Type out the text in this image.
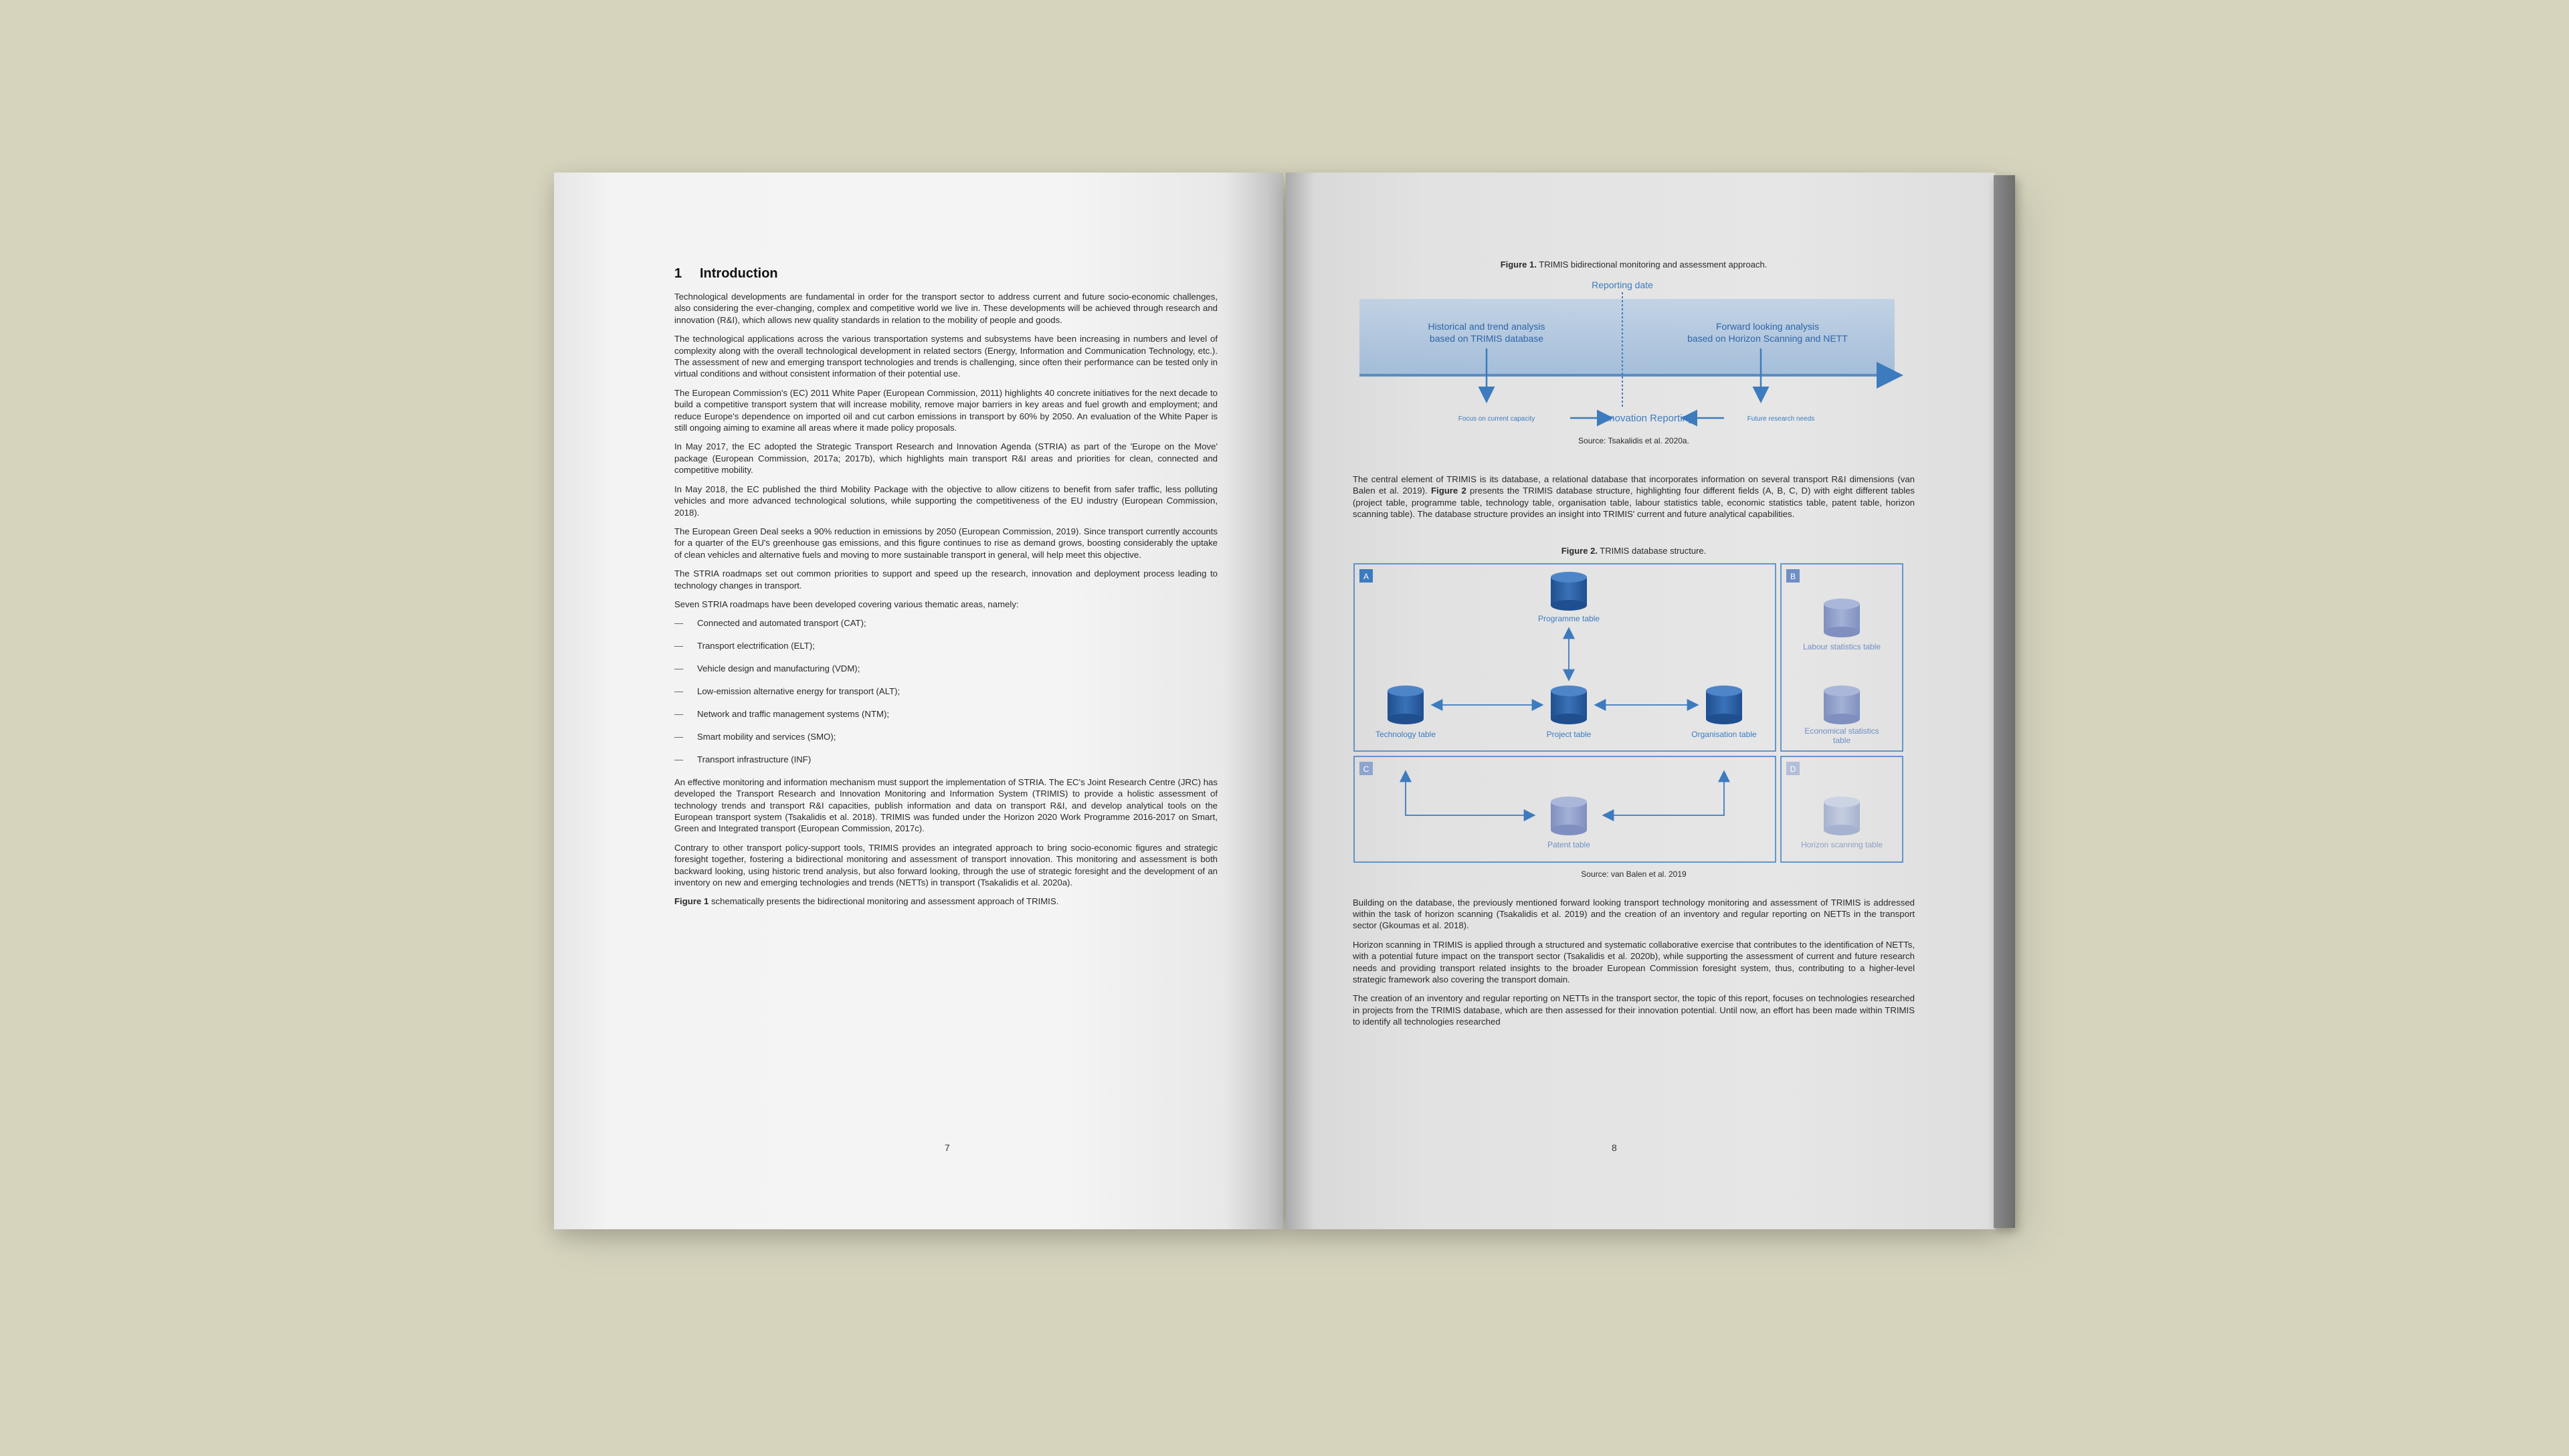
1 Introduction

Technological developments are fundamental in order for the transport sector to address current and future socio-economic challenges, also considering the ever-changing, complex and competitive world we live in. These developments will be achieved through research and innovation (R&I), which allows new quality standards in relation to the mobility of people and goods.

The technological applications across the various transportation systems and subsystems have been increasing in numbers and level of complexity along with the overall technological development in related sectors (Energy, Information and Communication Technology, etc.). The assessment of new and emerging transport technologies and trends is challenging, since often their performance can be tested only in virtual conditions and without consistent information of their potential use.

The European Commission's (EC) 2011 White Paper (European Commission, 2011) highlights 40 concrete initiatives for the next decade to build a competitive transport system that will increase mobility, remove major barriers in key areas and fuel growth and employment; and reduce Europe's dependence on imported oil and cut carbon emissions in transport by 60% by 2050. An evaluation of the White Paper is still ongoing aiming to examine all areas where it made policy proposals.

In May 2017, the EC adopted the Strategic Transport Research and Innovation Agenda (STRIA) as part of the 'Europe on the Move' package (European Commission, 2017a; 2017b), which highlights main transport R&I areas and priorities for clean, connected and competitive mobility.

In May 2018, the EC published the third Mobility Package with the objective to allow citizens to benefit from safer traffic, less polluting vehicles and more advanced technological solutions, while supporting the competitiveness of the EU industry (European Commission, 2018).

The European Green Deal seeks a 90% reduction in emissions by 2050 (European Commission, 2019). Since transport currently accounts for a quarter of the EU's greenhouse gas emissions, and this figure continues to rise as demand grows, boosting considerably the uptake of clean vehicles and alternative fuels and moving to more sustainable transport in general, will help meet this objective.

The STRIA roadmaps set out common priorities to support and speed up the research, innovation and deployment process leading to technology changes in transport.

Seven STRIA roadmaps have been developed covering various thematic areas, namely:

— Connected and automated transport (CAT);
— Transport electrification (ELT);
— Vehicle design and manufacturing (VDM);
— Low-emission alternative energy for transport (ALT);
— Network and traffic management systems (NTM);
— Smart mobility and services (SMO);
— Transport infrastructure (INF)

An effective monitoring and information mechanism must support the implementation of STRIA. The EC's Joint Research Centre (JRC) has developed the Transport Research and Innovation Monitoring and Information System (TRIMIS) to provide a holistic assessment of technology trends and transport R&I capacities, publish information and data on transport R&I, and develop analytical tools on the European transport system (Tsakalidis et al. 2018). TRIMIS was funded under the Horizon 2020 Work Programme 2016-2017 on Smart, Green and Integrated transport (European Commission, 2017c).

Contrary to other transport policy-support tools, TRIMIS provides an integrated approach to bring socio-economic figures and strategic foresight together, fostering a bidirectional monitoring and assessment of transport innovation. This monitoring and assessment is both backward looking, using historic trend analysis, but also forward looking, through the use of strategic foresight and the development of an inventory on new and emerging technologies and trends (NETTs) in transport (Tsakalidis et al. 2020a).

Figure 1 schematically presents the bidirectional monitoring and assessment approach of TRIMIS.

7
Figure 1. TRIMIS bidirectional monitoring and assessment approach.
Reporting date
Historical and trend analysis
based on TRIMIS database
Forward looking analysis
based on Horizon Scanning and NETT
Focus on current capacity	Innovation Reporting	Future research needs
Source: Tsakalidis et al. 2020a.

The central element of TRIMIS is its database, a relational database that incorporates information on several transport R&I dimensions (van Balen et al. 2019). Figure 2 presents the TRIMIS database structure, highlighting four different fields (A, B, C, D) with eight different tables (project table, programme table, technology table, organisation table, labour statistics table, economic statistics table, patent table, horizon scanning table). The database structure provides an insight into TRIMIS' current and future analytical capabilities.

Figure 2. TRIMIS database structure.
A	B
C	D
Programme table
Technology table	Project table	Organisation table
Labour statistics table
Economical statistics
table
Patent table	Horizon scanning table
Source: van Balen et al. 2019

Building on the database, the previously mentioned forward looking transport technology monitoring and assessment of TRIMIS is addressed within the task of horizon scanning (Tsakalidis et al. 2019) and the creation of an inventory and regular reporting on NETTs in the transport sector (Gkoumas et al. 2018).

Horizon scanning in TRIMIS is applied through a structured and systematic collaborative exercise that contributes to the identification of NETTs, with a potential future impact on the transport sector (Tsakalidis et al. 2020b), while supporting the assessment of current and future research needs and providing transport related insights to the broader European Commission foresight system, thus, contributing to a higher-level strategic framework also covering the transport domain.

The creation of an inventory and regular reporting on NETTs in the transport sector, the topic of this report, focuses on technologies researched in projects from the TRIMIS database, which are then assessed for their innovation potential. Until now, an effort has been made within TRIMIS to identify all technologies researched

8
